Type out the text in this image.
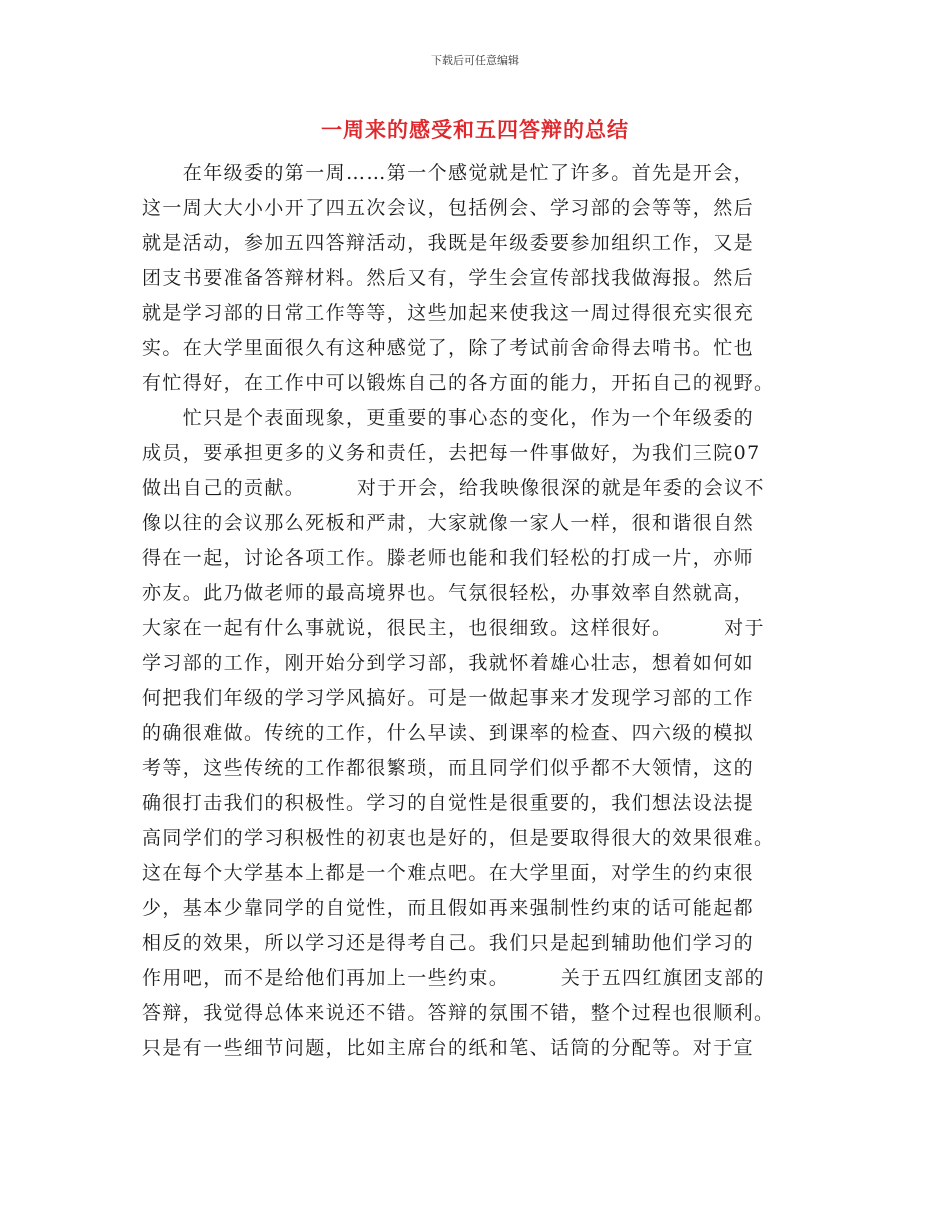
下载后可任意编辑
一周来的感受和五四答辩的总结
　　在年级委的第一周……第一个感觉就是忙了许多。首先是开会，
这一周大大小小开了四五次会议，包括例会、学习部的会等等，然后
就是活动，参加五四答辩活动，我既是年级委要参加组织工作，又是
团支书要准备答辩材料。然后又有，学生会宣传部找我做海报。然后
就是学习部的日常工作等等，这些加起来使我这一周过得很充实很充
实。在大学里面很久有这种感觉了，除了考试前舍命得去啃书。忙也
有忙得好，在工作中可以锻炼自己的各方面的能力，开拓自己的视野。
　　忙只是个表面现象，更重要的事心态的变化，作为一个年级委的
成员，要承担更多的义务和责任，去把每一件事做好，为我们三院07
做出自己的贡献。　　　对于开会，给我映像很深的就是年委的会议不
像以往的会议那么死板和严肃，大家就像一家人一样，很和谐很自然
得在一起，讨论各项工作。滕老师也能和我们轻松的打成一片，亦师
亦友。此乃做老师的最高境界也。气氛很轻松，办事效率自然就高，
大家在一起有什么事就说，很民主，也很细致。这样很好。　　　对于
学习部的工作，刚开始分到学习部，我就怀着雄心壮志，想着如何如
何把我们年级的学习学风搞好。可是一做起事来才发现学习部的工作
的确很难做。传统的工作，什么早读、到课率的检查、四六级的模拟
考等，这些传统的工作都很繁琐，而且同学们似乎都不大领情，这的
确很打击我们的积极性。学习的自觉性是很重要的，我们想法设法提
高同学们的学习积极性的初衷也是好的，但是要取得很大的效果很难。
这在每个大学基本上都是一个难点吧。在大学里面，对学生的约束很
少，基本少靠同学的自觉性，而且假如再来强制性约束的话可能起都
相反的效果，所以学习还是得考自己。我们只是起到辅助他们学习的
作用吧，而不是给他们再加上一些约束。　　　关于五四红旗团支部的
答辩，我觉得总体来说还不错。答辩的氛围不错，整个过程也很顺利。
只是有一些细节问题，比如主席台的纸和笔、话筒的分配等。对于宣
